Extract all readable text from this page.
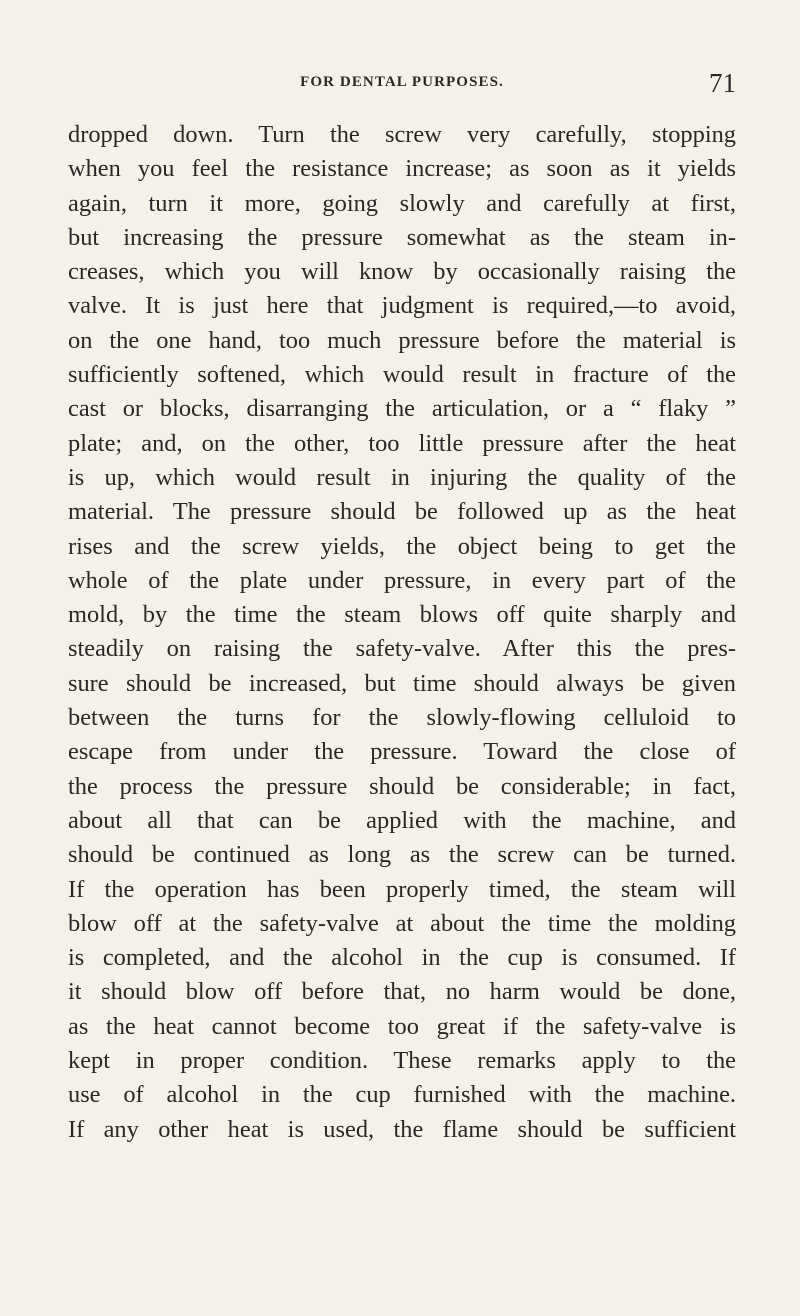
FOR DENTAL PURPOSES.	71
dropped down. Turn the screw very carefully, stopping
when you feel the resistance increase; as soon as it yields
again, turn it more, going slowly and carefully at first,
but increasing the pressure somewhat as the steam in-
creases, which you will know by occasionally raising the
valve. It is just here that judgment is required,—to avoid,
on the one hand, too much pressure before the material is
sufficiently softened, which would result in fracture of the
cast or blocks, disarranging the articulation, or a “ flaky ”
plate; and, on the other, too little pressure after the heat
is up, which would result in injuring the quality of the
material. The pressure should be followed up as the heat
rises and the screw yields, the object being to get the
whole of the plate under pressure, in every part of the
mold, by the time the steam blows off quite sharply and
steadily on raising the safety-valve. After this the pres-
sure should be increased, but time should always be given
between the turns for the slowly-flowing celluloid to
escape from under the pressure. Toward the close of
the process the pressure should be considerable; in fact,
about all that can be applied with the machine, and
should be continued as long as the screw can be turned.
If the operation has been properly timed, the steam will
blow off at the safety-valve at about the time the molding
is completed, and the alcohol in the cup is consumed. If
it should blow off before that, no harm would be done,
as the heat cannot become too great if the safety-valve is
kept in proper condition. These remarks apply to the
use of alcohol in the cup furnished with the machine.
If any other heat is used, the flame should be sufficient
